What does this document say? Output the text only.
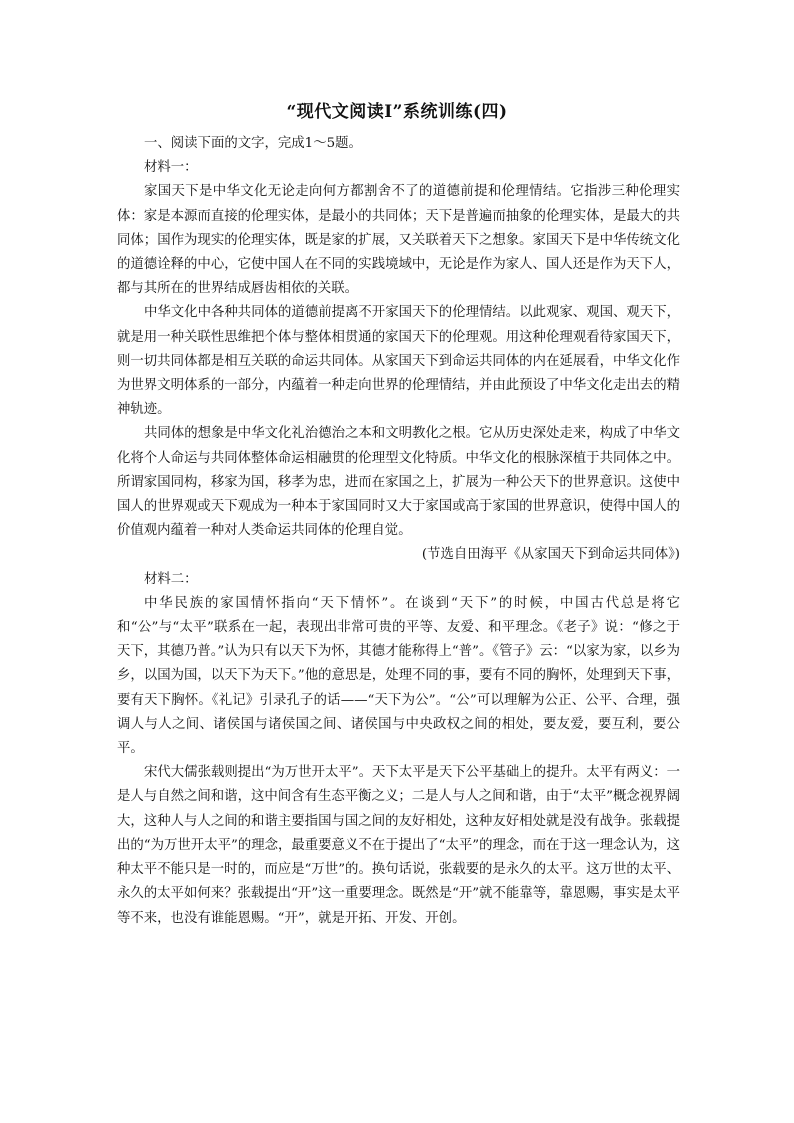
“现代文阅读Ⅰ”系统训练(四)

一、阅读下面的文字，完成1～5题。

材料一：

家国天下是中华文化无论走向何方都割舍不了的道德前提和伦理情结。它指涉三种伦理实体：家是本源而直接的伦理实体，是最小的共同体；天下是普遍而抽象的伦理实体，是最大的共同体；国作为现实的伦理实体，既是家的扩展，又关联着天下之想象。家国天下是中华传统文化的道德诠释的中心，它使中国人在不同的实践境域中，无论是作为家人、国人还是作为天下人，都与其所在的世界结成唇齿相依的关联。

中华文化中各种共同体的道德前提离不开家国天下的伦理情结。以此观家、观国、观天下，就是用一种关联性思维把个体与整体相贯通的家国天下的伦理观。用这种伦理观看待家国天下，则一切共同体都是相互关联的命运共同体。从家国天下到命运共同体的内在延展看，中华文化作为世界文明体系的一部分，内蕴着一种走向世界的伦理情结，并由此预设了中华文化走出去的精神轨迹。

共同体的想象是中华文化礼治德治之本和文明教化之根。它从历史深处走来，构成了中华文化将个人命运与共同体整体命运相融贯的伦理型文化特质。中华文化的根脉深植于共同体之中。所谓家国同构，移家为国，移孝为忠，进而在家国之上，扩展为一种公天下的世界意识。这使中国人的世界观或天下观成为一种本于家国同时又大于家国或高于家国的世界意识，使得中国人的价值观内蕴着一种对人类命运共同体的伦理自觉。

(节选自田海平《从家国天下到命运共同体》)

材料二：

中华民族的家国情怀指向“天下情怀”。在谈到“天下”的时候，中国古代总是将它和“公”与“太平”联系在一起，表现出非常可贵的平等、友爱、和平理念。《老子》说：“修之于天下，其德乃普。”认为只有以天下为怀，其德才能称得上“普”。《管子》云：“以家为家，以乡为乡，以国为国，以天下为天下。”他的意思是，处理不同的事，要有不同的胸怀，处理到天下事，要有天下胸怀。《礼记》引录孔子的话——“天下为公”。“公”可以理解为公正、公平、合理，强调人与人之间、诸侯国与诸侯国之间、诸侯国与中央政权之间的相处，要友爱，要互利，要公平。

宋代大儒张载则提出“为万世开太平”。天下太平是天下公平基础上的提升。太平有两义：一是人与自然之间和谐，这中间含有生态平衡之义；二是人与人之间和谐，由于“太平”概念视界阔大，这种人与人之间的和谐主要指国与国之间的友好相处，这种友好相处就是没有战争。张载提出的“为万世开太平”的理念，最重要意义不在于提出了“太平”的理念，而在于这一理念认为，这种太平不能只是一时的，而应是“万世”的。换句话说，张载要的是永久的太平。这万世的太平、永久的太平如何来？张载提出“开”这一重要理念。既然是“开”就不能靠等，靠恩赐，事实是太平等不来，也没有谁能恩赐。“开”，就是开拓、开发、开创。
